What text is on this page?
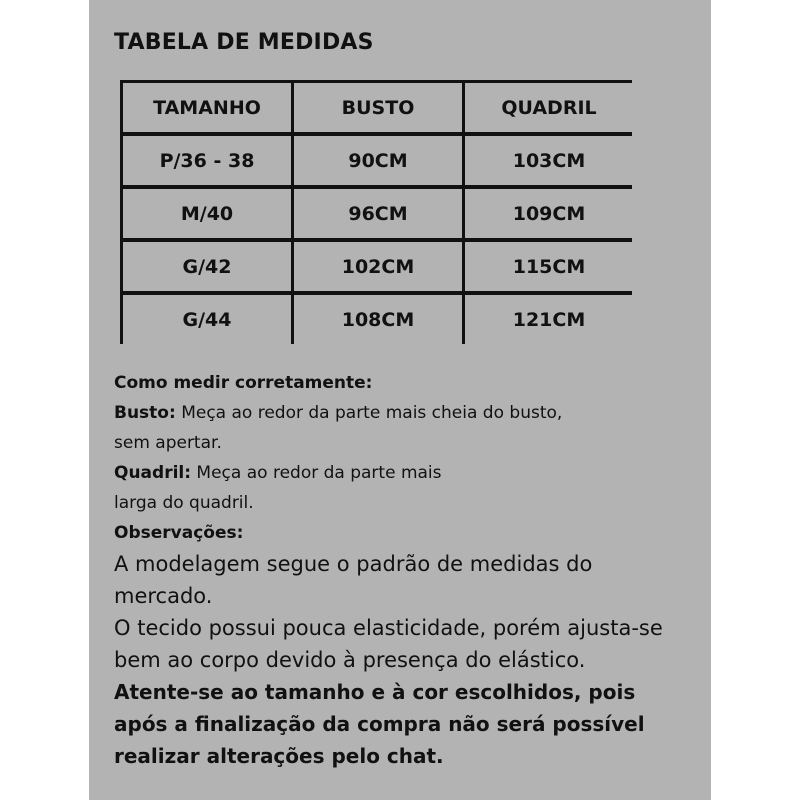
TABELA DE MEDIDAS
TAMANHO	BUSTO	QUADRIL
P/36 - 38	90CM	103CM
M/40	96CM	109CM
G/42	102CM	115CM
G/44	108CM	121CM
Como medir corretamente:
Busto: Meça ao redor da parte mais cheia do busto,
sem apertar.
Quadril: Meça ao redor da parte mais
larga do quadril.
Observações:
A modelagem segue o padrão de medidas do
mercado.
O tecido possui pouca elasticidade, porém ajusta-se
bem ao corpo devido à presença do elástico.
Atente-se ao tamanho e à cor escolhidos, pois
após a finalização da compra não será possível
realizar alterações pelo chat.
